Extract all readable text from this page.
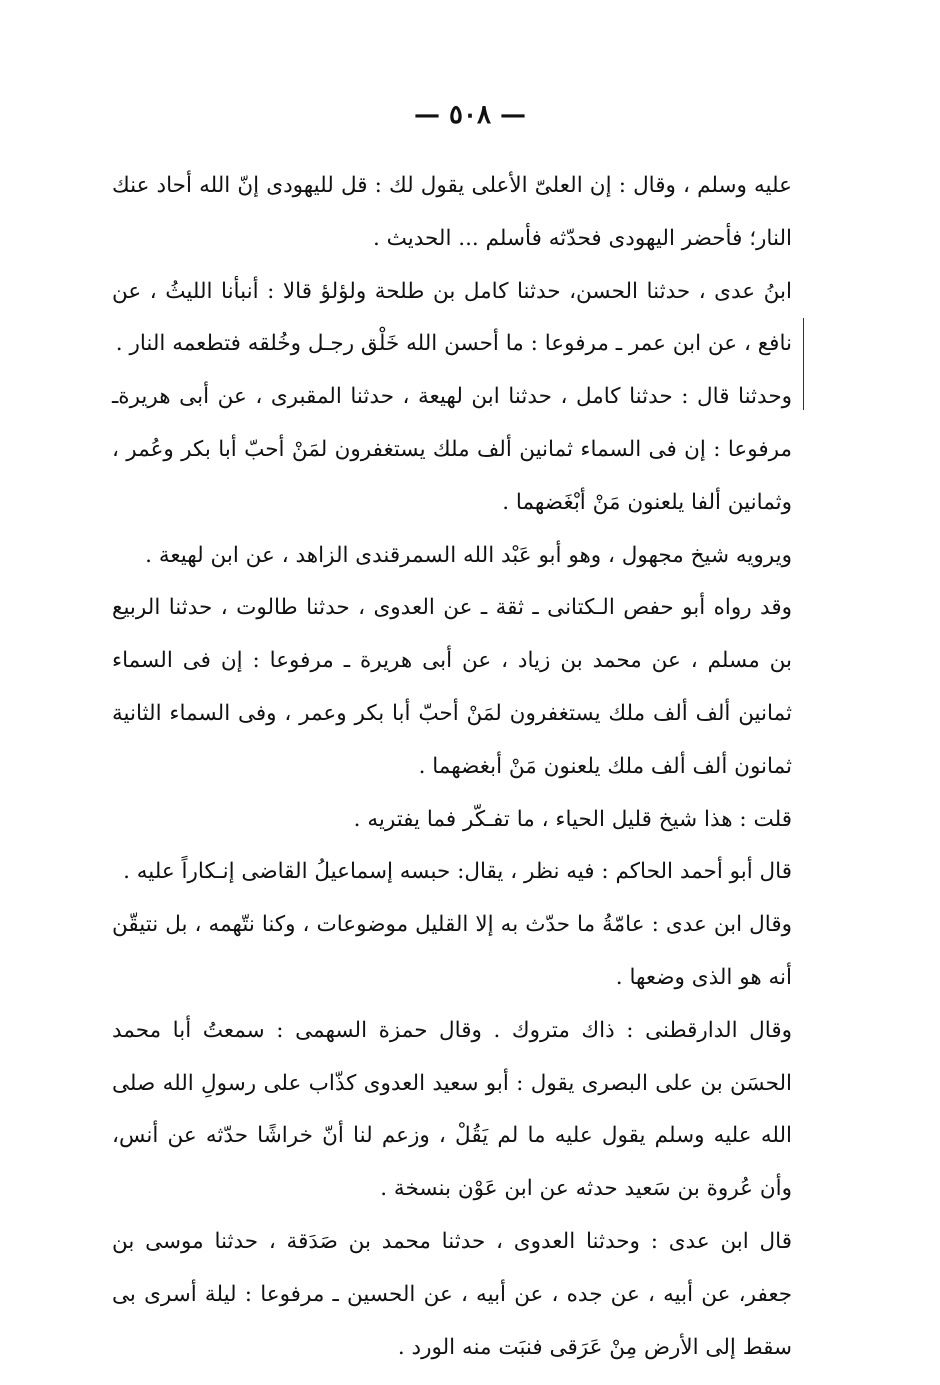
— ٥٠٨ —

عليه وسلم ، وقال : إن العلىّ الأعلى يقول لك : قل لليهودى إنّ الله أحاد عنك النار؛ فأحضر اليهودى فحدّثه فأسلم ... الحديث .

ابنُ عدى ، حدثنا الحسن، حدثنا كامل بن طلحة ولؤلؤ قالا : أنبأنا الليثُ ، عن نافع ، عن ابن عمر ـ مرفوعا : ما أحسن الله خَلْق رجـل وخُلقه فتطعمه النار .

وحدثنا قال : حدثنا كامل ، حدثنا ابن لهيعة ، حدثنا المقبرى ، عن أبى هريرةـ مرفوعا : إن فى السماء ثمانين ألف ملك يستغفرون لمَنْ أحبّ أبا بكر وعُمر ، وثمانين ألفا يلعنون مَنْ أبْغَضهما .

ويرويه شيخ مجهول ، وهو أبو عَبْد الله السمرقندى الزاهد ، عن ابن لهيعة .

وقد رواه أبو حفص الـكتانى ـ ثقة ـ عن العدوى ، حدثنا طالوت ، حدثنا الربيع بن مسلم ، عن محمد بن زياد ، عن أبى هريرة ـ مرفوعا : إن فى السماء ثمانين ألف ألف ملك يستغفرون لمَنْ أحبّ أبا بكر وعمر ، وفى السماء الثانية ثمانون ألف ألف ملك يلعنون مَنْ أبغضهما .

قلت : هذا شيخ قليل الحياء ، ما تفـكّر فما يفتريه .

قال أبو أحمد الحاكم : فيه نظر ، يقال: حبسه إسماعيلُ القاضى إنـكاراً عليه .

وقال ابن عدى : عامّةُ ما حدّث به إلا القليل موضوعات ، وكنا نتّهمه ، بل نتيقّن أنه هو الذى وضعها .

وقال الدارقطنى : ذاك متروك . وقال حمزة السهمى : سمعتُ أبا محمد الحسَن بن على البصرى يقول : أبو سعيد العدوى كذّاب على رسولِ الله صلى الله عليه وسلم يقول عليه ما لم يَقُلْ ، وزعم لنا أنّ خراشًا حدّثه عن أنس، وأن عُروة بن سَعيد حدثه عن ابن عَوْن بنسخة .

قال ابن عدى : وحدثنا العدوى ، حدثنا محمد بن صَدَقة ، حدثنا موسى بن جعفر، عن أبيه ، عن جده ، عن أبيه ، عن الحسين ـ مرفوعا : ليلة أسرى بى سقط إلى الأرض مِنْ عَرَقى فنبَت منه الورد .
